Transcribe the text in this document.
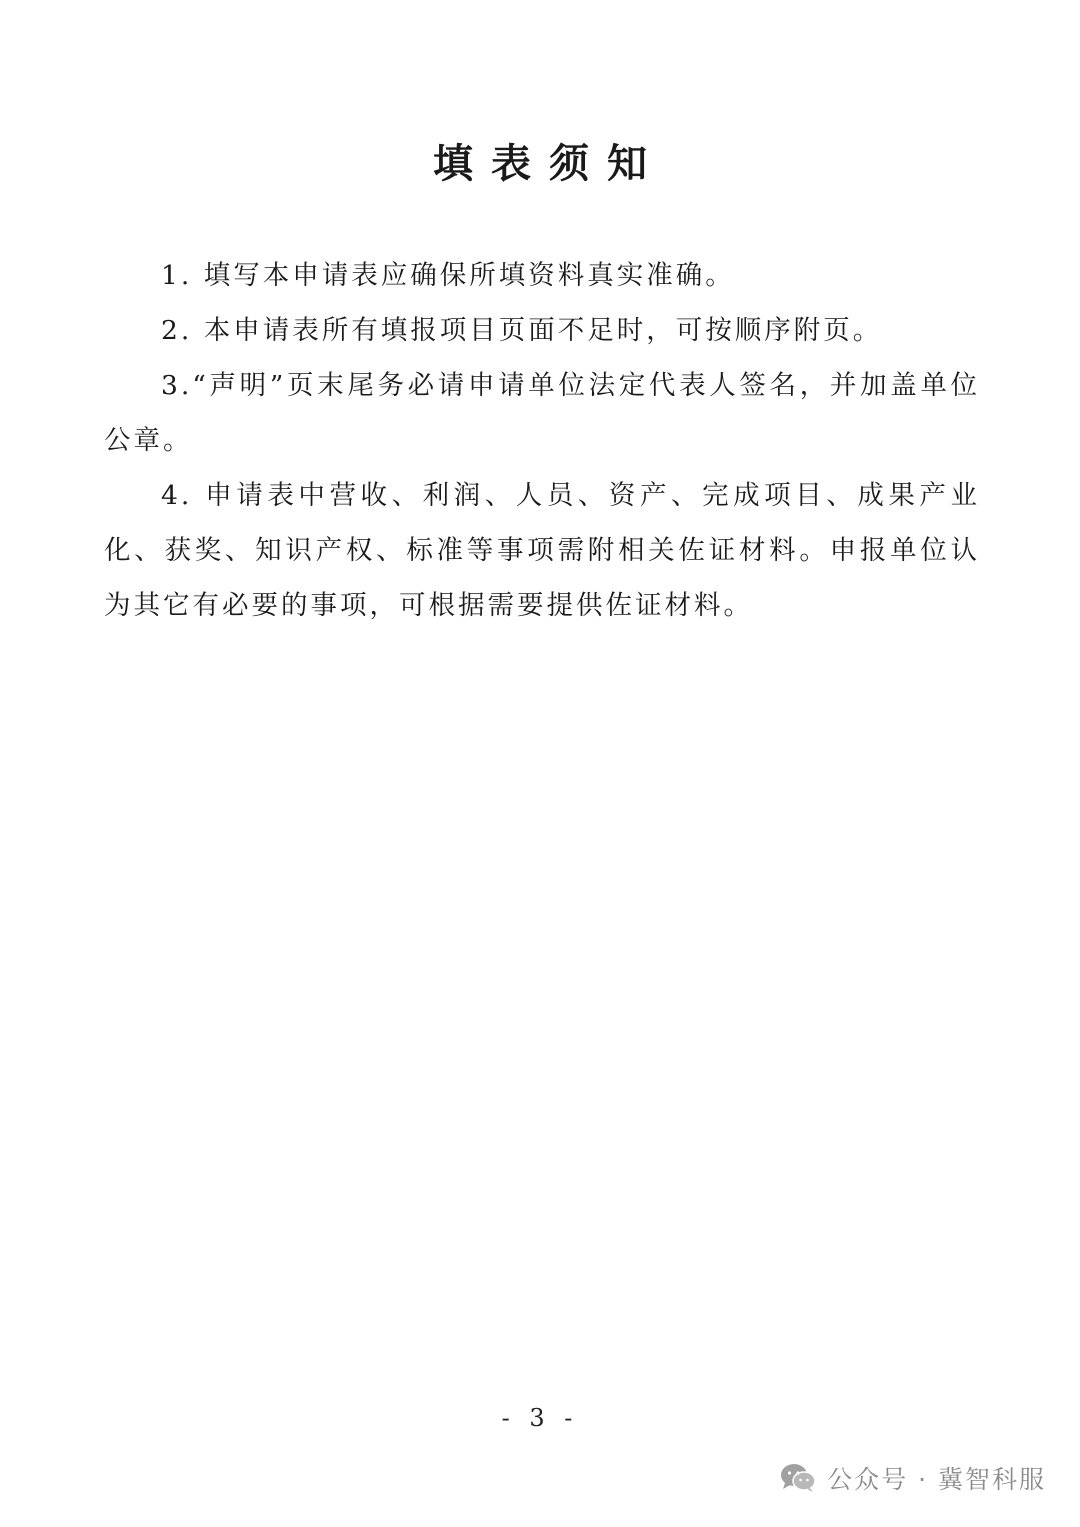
填表须知

1. 填写本申请表应确保所填资料真实准确。

2. 本申请表所有填报项目页面不足时，可按顺序附页。

3.“声明”页末尾务必请申请单位法定代表人签名，并加盖单位公章。

4. 申请表中营收、利润、人员、资产、完成项目、成果产业化、获奖、知识产权、标准等事项需附相关佐证材料。申报单位认为其它有必要的事项，可根据需要提供佐证材料。

- 3 -
公众号 · 冀智科服
